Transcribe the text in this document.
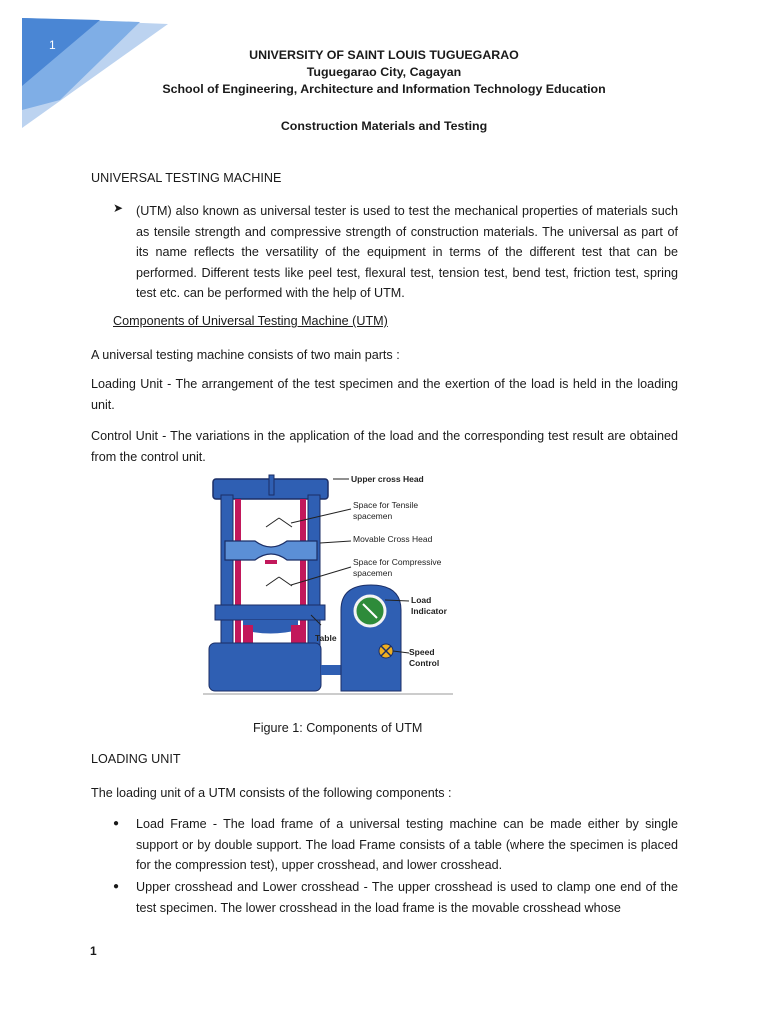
1
UNIVERSITY OF SAINT LOUIS TUGUEGARAO
Tuguegarao City, Cagayan
School of Engineering, Architecture and Information Technology Education
Construction Materials and Testing
UNIVERSAL TESTING MACHINE
➤ (UTM) also known as universal tester is used to test the mechanical properties of materials such as tensile strength and compressive strength of construction materials. The universal as part of its name reflects the versatility of the equipment in terms of the different test that can be performed. Different tests like peel test, flexural test, tension test, bend test, friction test, spring test etc. can be performed with the help of UTM.
Components of Universal Testing Machine (UTM)
A universal testing machine consists of two main parts :
Loading Unit - The arrangement of the test specimen and the exertion of the load is held in the loading unit.
Control Unit - The variations in the application of the load and the corresponding test result are obtained from the control unit.
Upper cross Head
Space for Tensile
spacemen
Movable Cross Head
Space for Compressive
spacemen
Load
Indicator
Table
Speed
Control
Figure 1: Components of UTM
LOADING UNIT
The loading unit of a UTM consists of the following components :
● Load Frame - The load frame of a universal testing machine can be made either by single support or by double support. The load Frame consists of a table (where the specimen is placed for the compression test), upper crosshead, and lower crosshead.
● Upper crosshead and Lower crosshead - The upper crosshead is used to clamp one end of the test specimen. The lower crosshead in the load frame is the movable crosshead whose
1
